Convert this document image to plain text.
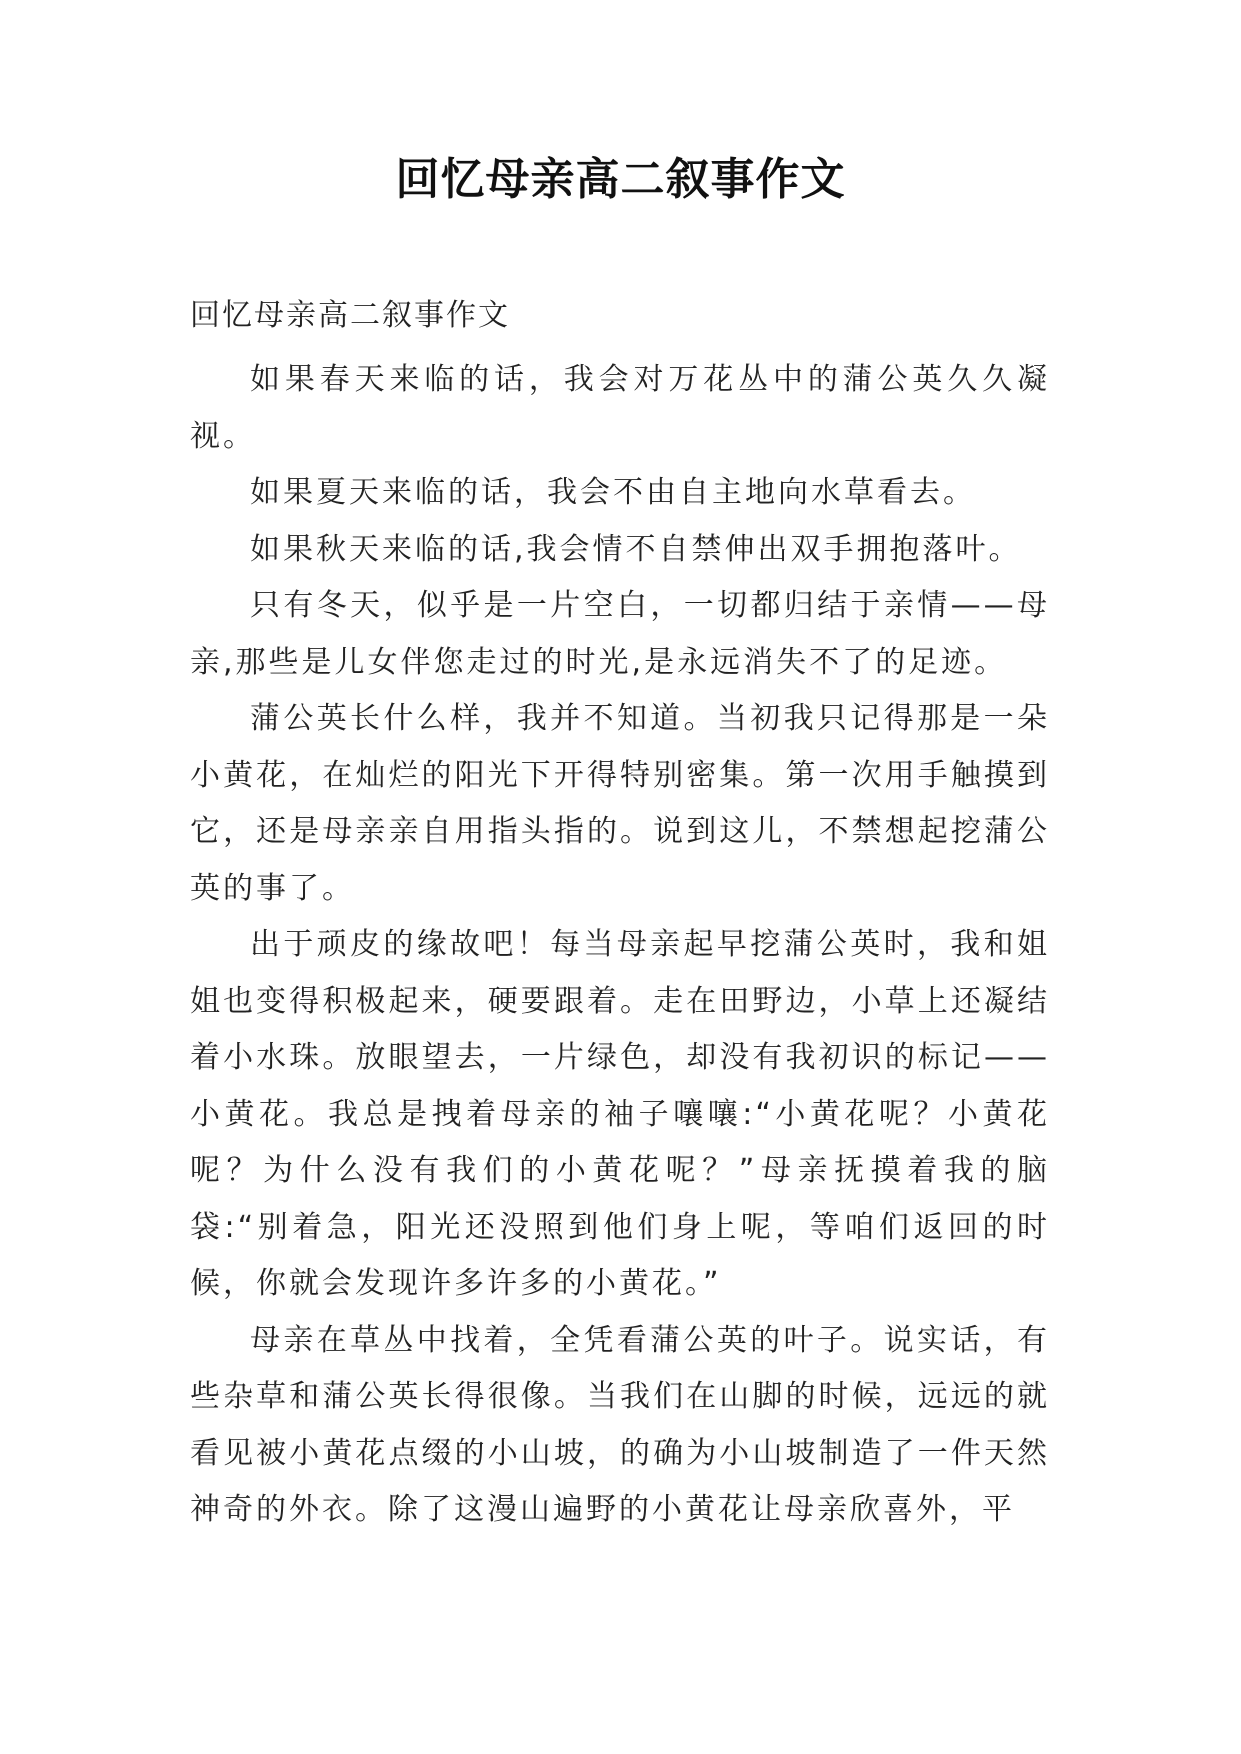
回忆母亲高二叙事作文
回忆母亲高二叙事作文

如果春天来临的话，我会对万花丛中的蒲公英久久凝视。

如果夏天来临的话，我会不由自主地向水草看去。

如果秋天来临的话,我会情不自禁伸出双手拥抱落叶。

只有冬天，似乎是一片空白，一切都归结于亲情——母亲,那些是儿女伴您走过的时光,是永远消失不了的足迹。

蒲公英长什么样，我并不知道。当初我只记得那是一朵小黄花，在灿烂的阳光下开得特别密集。第一次用手触摸到它，还是母亲亲自用指头指的。说到这儿，不禁想起挖蒲公英的事了。

出于顽皮的缘故吧！每当母亲起早挖蒲公英时，我和姐姐也变得积极起来，硬要跟着。走在田野边，小草上还凝结着小水珠。放眼望去，一片绿色，却没有我初识的标记——小黄花。我总是拽着母亲的袖子嚷嚷:“小黄花呢？小黄花呢？为什么没有我们的小黄花呢？”母亲抚摸着我的脑袋:“别着急，阳光还没照到他们身上呢，等咱们返回的时候，你就会发现许多许多的小黄花。”

母亲在草丛中找着，全凭看蒲公英的叶子。说实话，有些杂草和蒲公英长得很像。当我们在山脚的时候，远远的就看见被小黄花点缀的小山坡，的确为小山坡制造了一件天然神奇的外衣。除了这漫山遍野的小黄花让母亲欣喜外，平
